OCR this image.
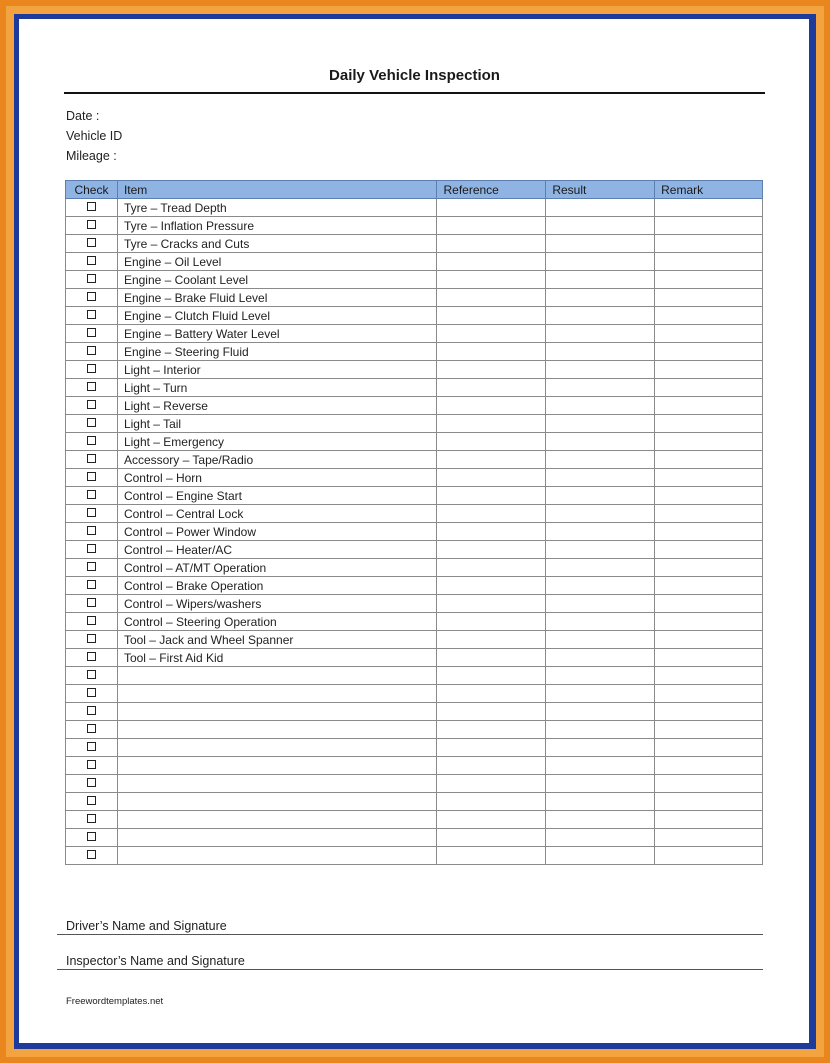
Daily Vehicle Inspection
Date :
Vehicle ID
Mileage :
Check	Item	Reference	Result	Remark
	Tyre – Tread Depth			
	Tyre – Inflation Pressure			
	Tyre – Cracks and Cuts			
	Engine – Oil Level			
	Engine – Coolant Level			
	Engine – Brake Fluid Level			
	Engine – Clutch Fluid Level			
	Engine – Battery Water Level			
	Engine – Steering Fluid			
	Light – Interior			
	Light – Turn			
	Light – Reverse			
	Light – Tail			
	Light – Emergency			
	Accessory – Tape/Radio			
	Control – Horn			
	Control – Engine Start			
	Control – Central Lock			
	Control – Power Window			
	Control – Heater/AC			
	Control – AT/MT Operation			
	Control – Brake Operation			
	Control – Wipers/washers			
	Control – Steering Operation			
	Tool – Jack and Wheel Spanner			
	Tool – First Aid Kid			

Driver’s Name and Signature
Inspector’s Name and Signature
Freewordtemplates.net
